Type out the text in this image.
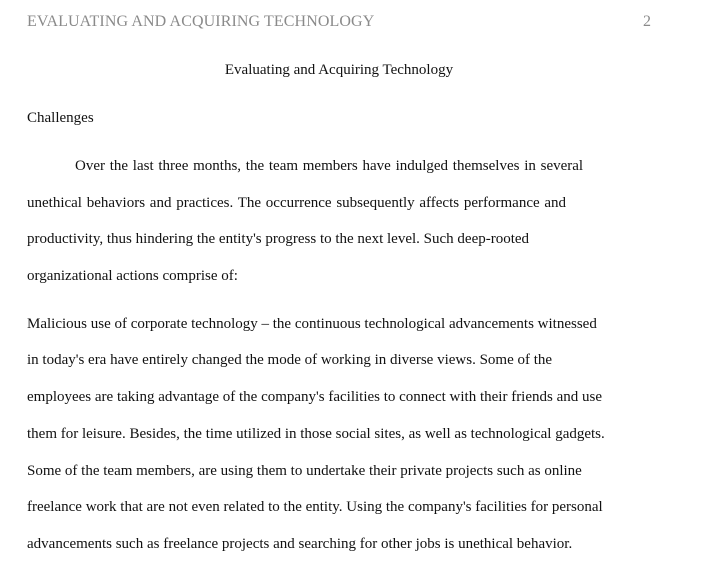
EVALUATING AND ACQUIRING TECHNOLOGY	2
Evaluating and Acquiring Technology
Challenges
Over the last three months, the team members have indulged themselves in several
unethical behaviors and practices. The occurrence subsequently affects performance and
productivity, thus hindering the entity's progress to the next level. Such deep-rooted
organizational actions comprise of:
Malicious use of corporate technology – the continuous technological advancements witnessed
in today's era have entirely changed the mode of working in diverse views. Some of the
employees are taking advantage of the company's facilities to connect with their friends and use
them for leisure. Besides, the time utilized in those social sites, as well as technological gadgets.
Some of the team members, are using them to undertake their private projects such as online
freelance work that are not even related to the entity. Using the company's facilities for personal
advancements such as freelance projects and searching for other jobs is unethical behavior.
